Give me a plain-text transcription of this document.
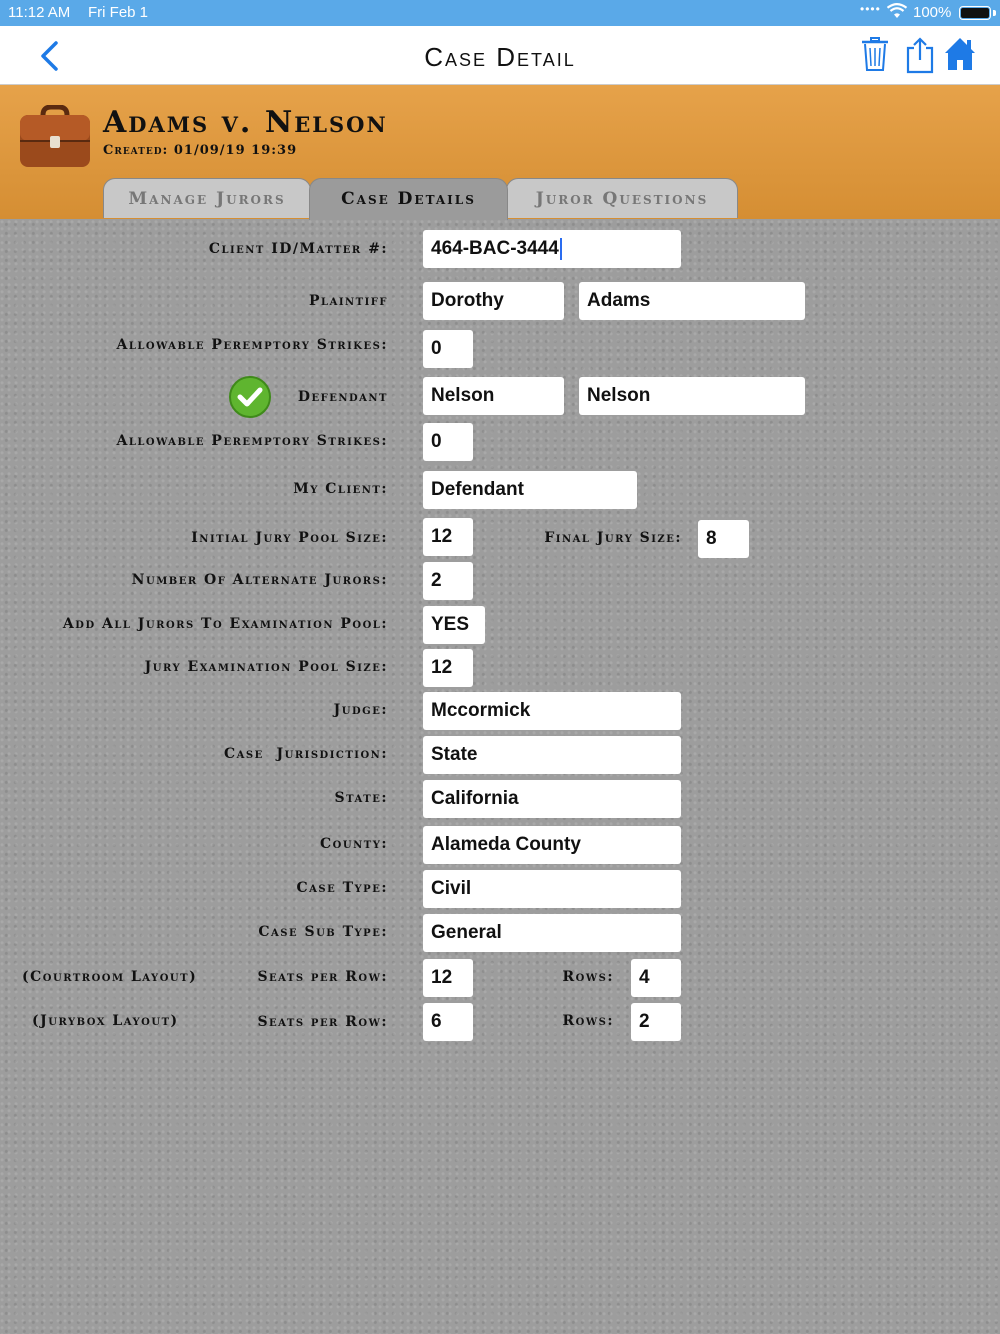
11:12 AM Fri Feb 1	•••• 100%
Case Detail
Adams v. Nelson
Created: 01/09/19 19:39
Manage Jurors	Case Details	Juror Questions
Client ID/Matter #:	464-BAC-3444
Plaintiff	Dorothy	Adams
Allowable Peremptory Strikes:	0
Defendant	Nelson	Nelson
Allowable Peremptory Strikes:	0
My Client:	Defendant
Initial Jury Pool Size:	12	Final Jury Size:	8
Number Of Alternate Jurors:	2
Add All Jurors To Examination Pool:	YES
Jury Examination Pool Size:	12
Judge:	Mccormick
Case  Jurisdiction:	State
State:	California
County:	Alameda County
Case Type:	Civil
Case Sub Type:	General
(Courtroom Layout)	Seats per Row:	12	Rows:	4
(Jurybox Layout)	Seats per Row:	6	Rows:	2
